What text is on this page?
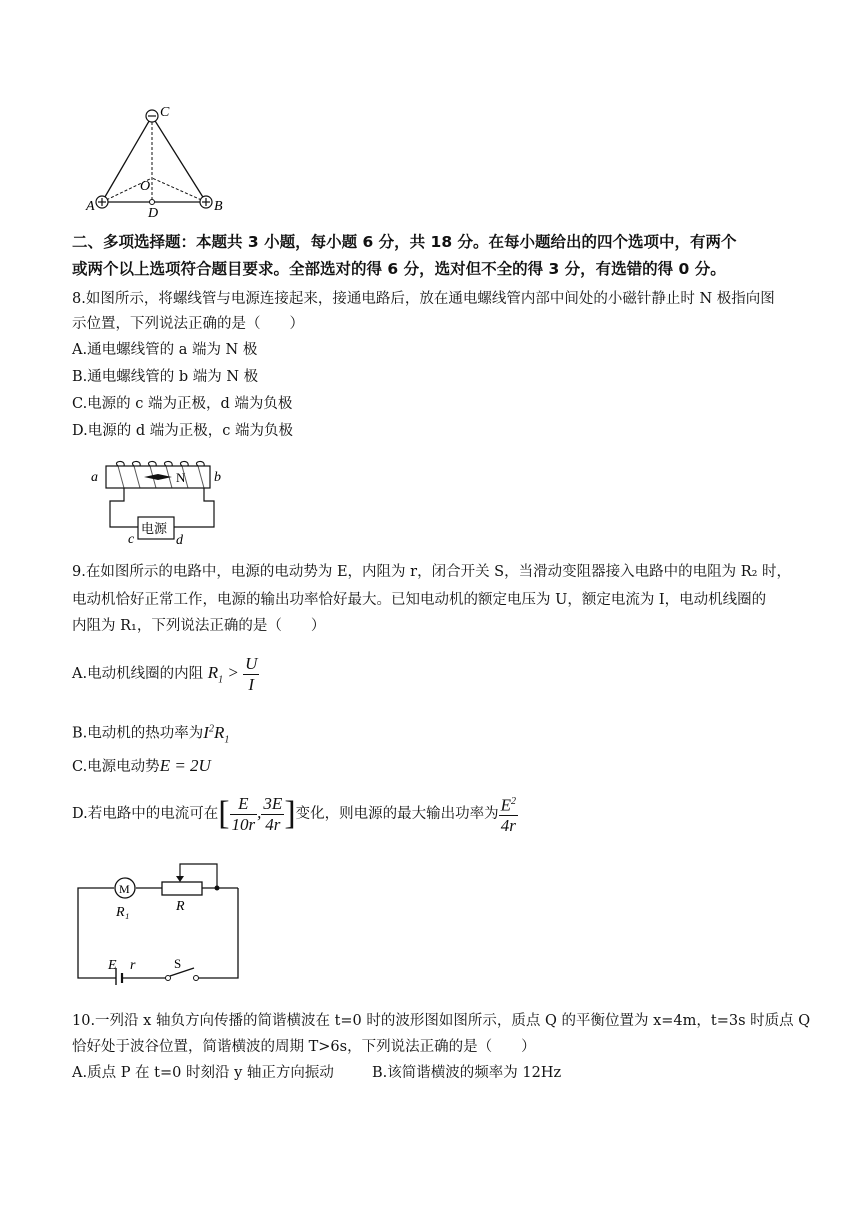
C
A	B
O
D
二、多项选择题：本题共 3 小题，每小题 6 分，共 18 分。在每小题给出的四个选项中，有两个
或两个以上选项符合题目要求。全部选对的得 6 分，选对但不全的得 3 分，有选错的得 0 分。
8.如图所示，将螺线管与电源连接起来，接通电路后，放在通电螺线管内部中间处的小磁针静止时 N 极指向图
示位置，下列说法正确的是（　　）
A.通电螺线管的 a 端为 N 极
B.通电螺线管的 b 端为 N 极
C.电源的 c 端为正极，d 端为负极
D.电源的 d 端为正极，c 端为负极
N
电源
a	b
c	d
9.在如图所示的电路中，电源的电动势为 E，内阻为 r，闭合开关 S，当滑动变阻器接入电路中的电阻为 R₂ 时，
电动机恰好正常工作，电源的输出功率恰好最大。已知电动机的额定电压为 U，额定电流为 I，电动机线圈的
内阻为 R₁，下列说法正确的是（　　）
A.电动机线圈的内阻 $R_1 > \frac{U}{I}$
B.电动机的热功率为$I^2R_1$
C.电源电动势E = 2U
D.若电路中的电流可在[ $\frac{E}{10r}$ , $\frac{3E}{4r}$ ]变化，则电源的最大输出功率为 $\frac{E^2}{4r}$
M
R₁	R
E r	S
10.一列沿 x 轴负方向传播的简谐横波在 t=0 时的波形图如图所示，质点 Q 的平衡位置为 x=4m，t=3s 时质点 Q
恰好处于波谷位置，简谐横波的周期 T>6s，下列说法正确的是（　　）
A.质点 P 在 t=0 时刻沿 y 轴正方向振动	B.该简谐横波的频率为 12Hz
